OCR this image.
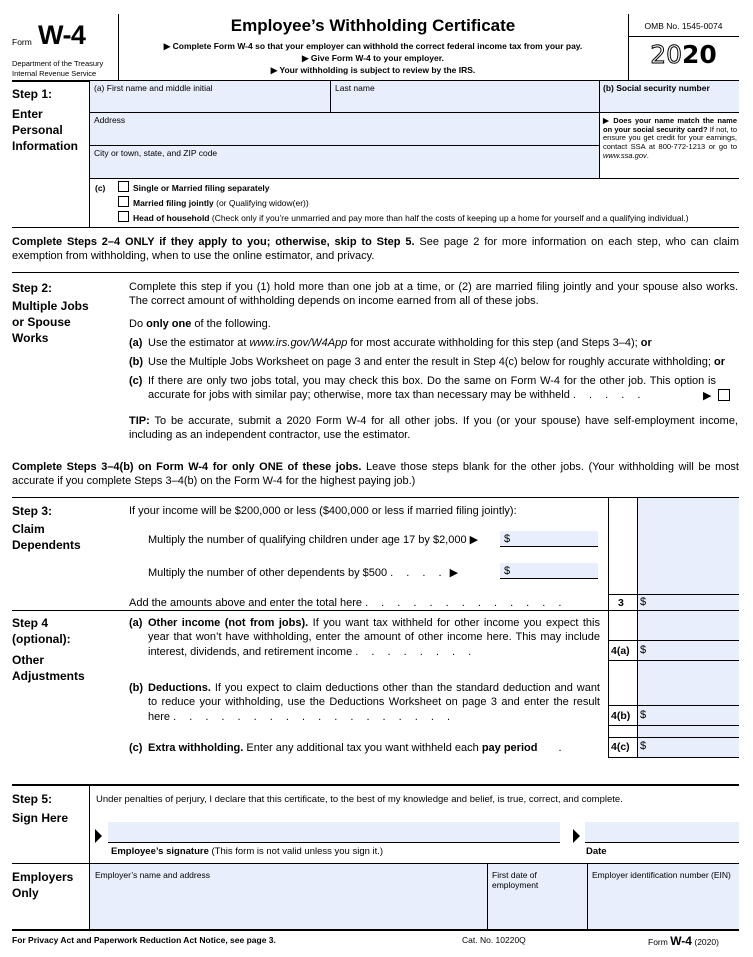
Form W-4
Department of the Treasury
Internal Revenue Service
Employee’s Withholding Certificate
▶ Complete Form W-4 so that your employer can withhold the correct federal income tax from your pay.
▶ Give Form W-4 to your employer.
▶ Your withholding is subject to review by the IRS.
OMB No. 1545-0074
2020
Step 1:
Enter Personal Information
(a) First name and middle initial	Last name	(b) Social security number
Address
City or town, state, and ZIP code
▶ Does your name match the name on your social security card? If not, to ensure you get credit for your earnings, contact SSA at 800-772-1213 or go to www.ssa.gov.
(c)	Single or Married filing separately
Married filing jointly (or Qualifying widow(er))
Head of household (Check only if you’re unmarried and pay more than half the costs of keeping up a home for yourself and a qualifying individual.)
Complete Steps 2–4 ONLY if they apply to you; otherwise, skip to Step 5. See page 2 for more information on each step, who can claim exemption from withholding, when to use the online estimator, and privacy.
Step 2:
Multiple Jobs or Spouse Works
Complete this step if you (1) hold more than one job at a time, or (2) are married filing jointly and your spouse also works. The correct amount of withholding depends on income earned from all of these jobs.
Do only one of the following.
(a) Use the estimator at www.irs.gov/W4App for most accurate withholding for this step (and Steps 3–4); or
(b) Use the Multiple Jobs Worksheet on page 3 and enter the result in Step 4(c) below for roughly accurate withholding; or
(c) If there are only two jobs total, you may check this box. Do the same on Form W-4 for the other job. This option is accurate for jobs with similar pay; otherwise, more tax than necessary may be withheld . . . . .	▶
TIP: To be accurate, submit a 2020 Form W-4 for all other jobs. If you (or your spouse) have self-employment income, including as an independent contractor, use the estimator.
Complete Steps 3–4(b) on Form W-4 for only ONE of these jobs. Leave those steps blank for the other jobs. (Your withholding will be most accurate if you complete Steps 3–4(b) on the Form W-4 for the highest paying job.)
Step 3:
Claim Dependents
If your income will be $200,000 or less ($400,000 or less if married filing jointly):
Multiply the number of qualifying children under age 17 by $2,000 ▶	$
Multiply the number of other dependents by $500 . . . . ▶	$
Add the amounts above and enter the total here . . . . . . . . . . . . .	3 $
Step 4
(optional):
Other Adjustments
(a) Other income (not from jobs). If you want tax withheld for other income you expect this year that won’t have withholding, enter the amount of other income here. This may include interest, dividends, and retirement income . . . . . . . .	4(a) $
(b) Deductions. If you expect to claim deductions other than the standard deduction and want to reduce your withholding, use the Deductions Worksheet on page 3 and enter the result here . . . . . . . . . . . . . . . . . .	4(b) $
(c) Extra withholding. Enter any additional tax you want withheld each pay period .	4(c) $
Step 5:
Sign Here
Under penalties of perjury, I declare that this certificate, to the best of my knowledge and belief, is true, correct, and complete.
Employee’s signature (This form is not valid unless you sign it.)	Date
Employers Only
Employer’s name and address	First date of employment
Employer identification number (EIN)
For Privacy Act and Paperwork Reduction Act Notice, see page 3.	Cat. No. 10220Q	Form W-4 (2020)
